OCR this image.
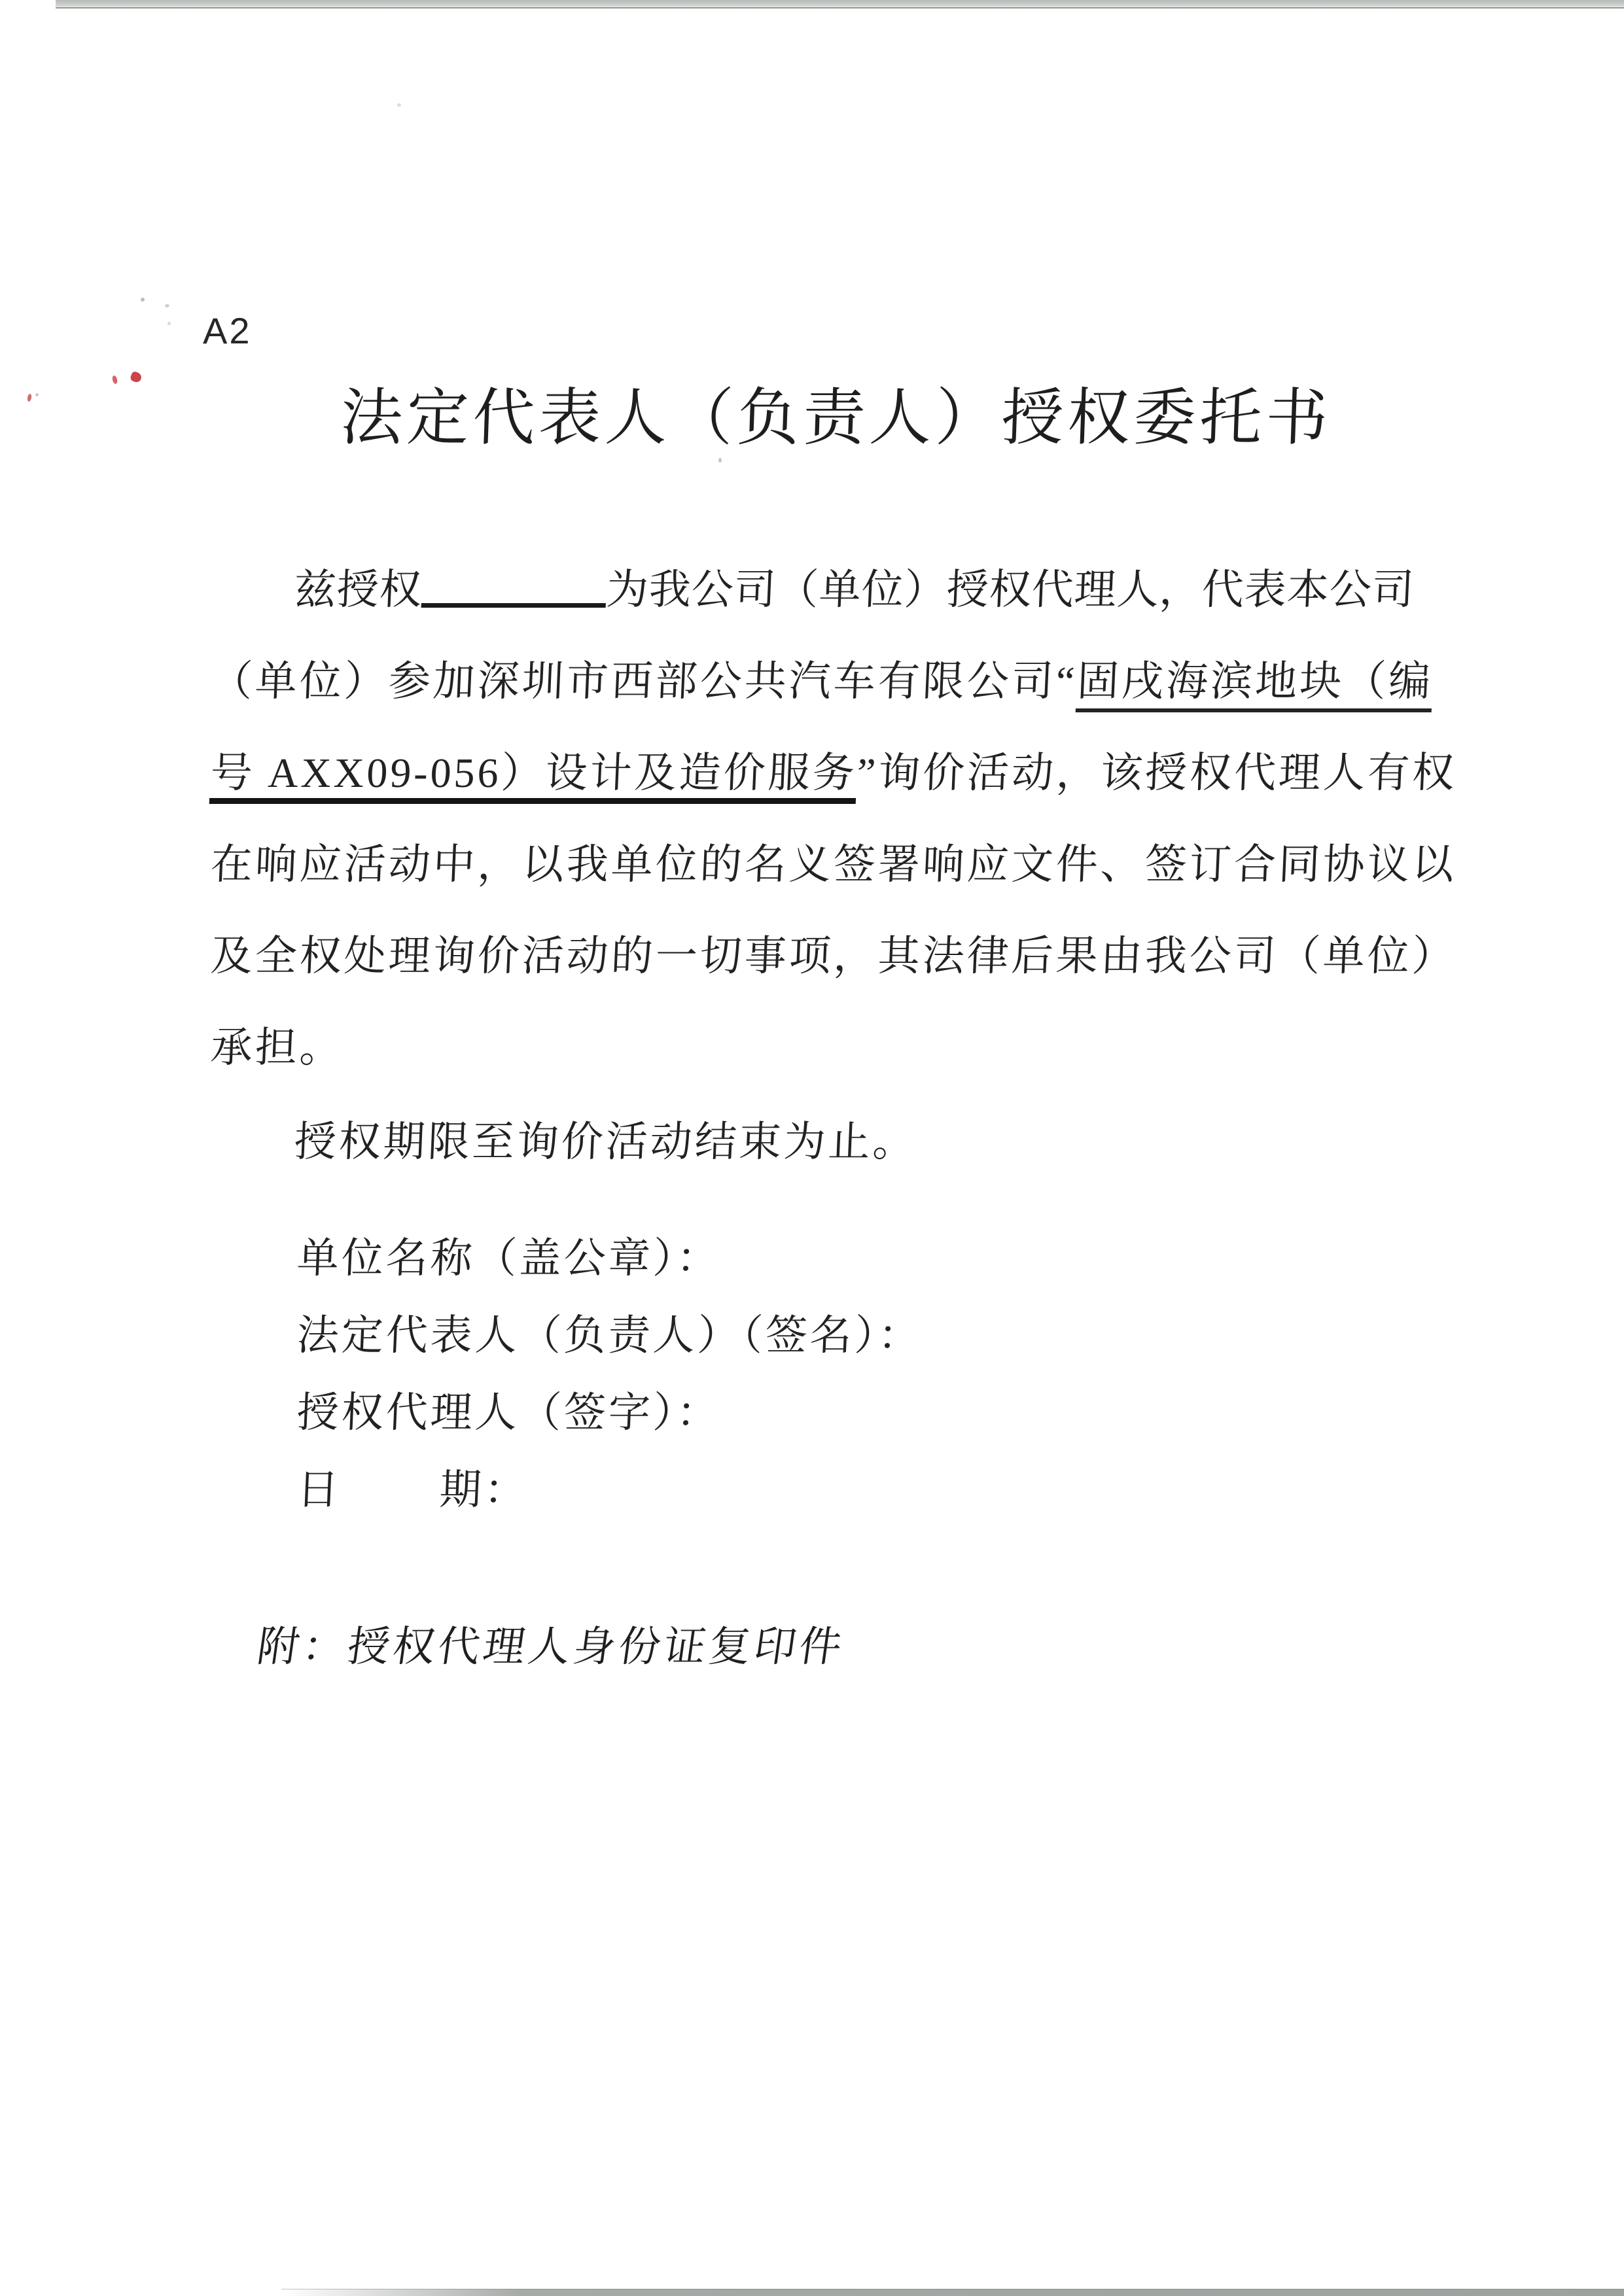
A2
法定代表人（负责人）授权委托书
兹授权	为我公司（单位）授权代理人，代表本公司
（单位）参加深圳市西部公共汽车有限公司“固戌海滨地块（编
号 AXX09-056）设计及造价服务”询价活动，该授权代理人有权
在响应活动中，以我单位的名义签署响应文件、签订合同协议以
及全权处理询价活动的一切事项，其法律后果由我公司（单位）
承担。
授权期限至询价活动结束为止。
单位名称（盖公章）：
法定代表人（负责人）（签名）：
授权代理人（签字）：
日 期：
附：授权代理人身份证复印件
